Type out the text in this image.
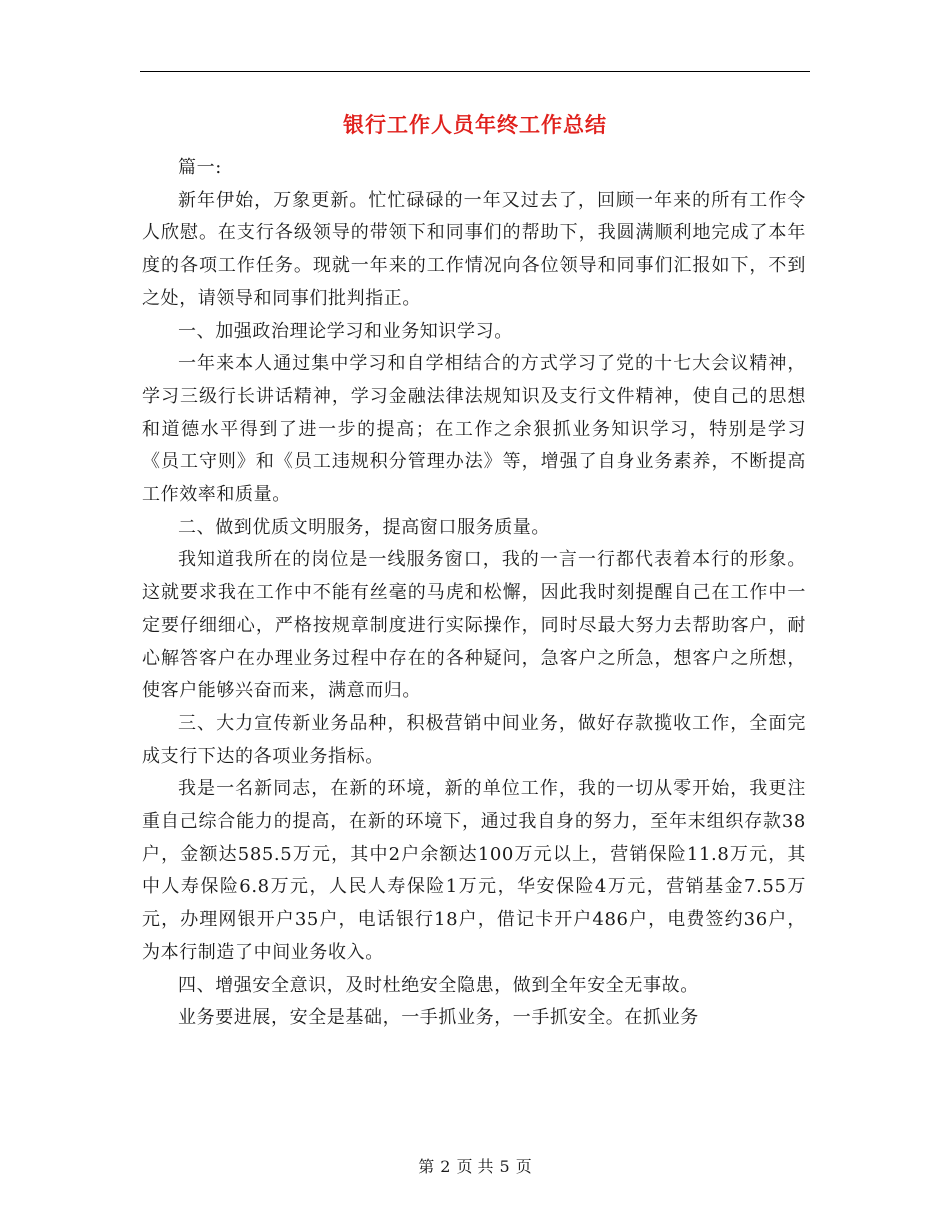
银行工作人员年终工作总结

篇一:

新年伊始，万象更新。忙忙碌碌的一年又过去了，回顾一年来的所有工作令人欣慰。在支行各级领导的带领下和同事们的帮助下，我圆满顺利地完成了本年度的各项工作任务。现就一年来的工作情况向各位领导和同事们汇报如下，不到之处，请领导和同事们批判指正。

一、加强政治理论学习和业务知识学习。

一年来本人通过集中学习和自学相结合的方式学习了党的十七大会议精神，学习三级行长讲话精神，学习金融法律法规知识及支行文件精神，使自己的思想和道德水平得到了进一步的提高；在工作之余狠抓业务知识学习，特别是学习《员工守则》和《员工违规积分管理办法》等，增强了自身业务素养，不断提高工作效率和质量。

二、做到优质文明服务，提高窗口服务质量。

我知道我所在的岗位是一线服务窗口，我的一言一行都代表着本行的形象。这就要求我在工作中不能有丝毫的马虎和松懈，因此我时刻提醒自己在工作中一定要仔细细心，严格按规章制度进行实际操作，同时尽最大努力去帮助客户，耐心解答客户在办理业务过程中存在的各种疑问，急客户之所急，想客户之所想，使客户能够兴奋而来，满意而归。

三、大力宣传新业务品种，积极营销中间业务，做好存款揽收工作，全面完成支行下达的各项业务指标。

我是一名新同志，在新的环境，新的单位工作，我的一切从零开始，我更注重自己综合能力的提高，在新的环境下，通过我自身的努力，至年末组织存款38户，金额达585.5万元，其中2户余额达100万元以上，营销保险11.8万元，其中人寿保险6.8万元，人民人寿保险1万元，华安保险4万元，营销基金7.55万元，办理网银开户35户，电话银行18户，借记卡开户486户，电费签约36户，为本行制造了中间业务收入。

四、增强安全意识，及时杜绝安全隐患，做到全年安全无事故。

业务要进展，安全是基础，一手抓业务，一手抓安全。在抓业务

第 2 页 共 5 页
